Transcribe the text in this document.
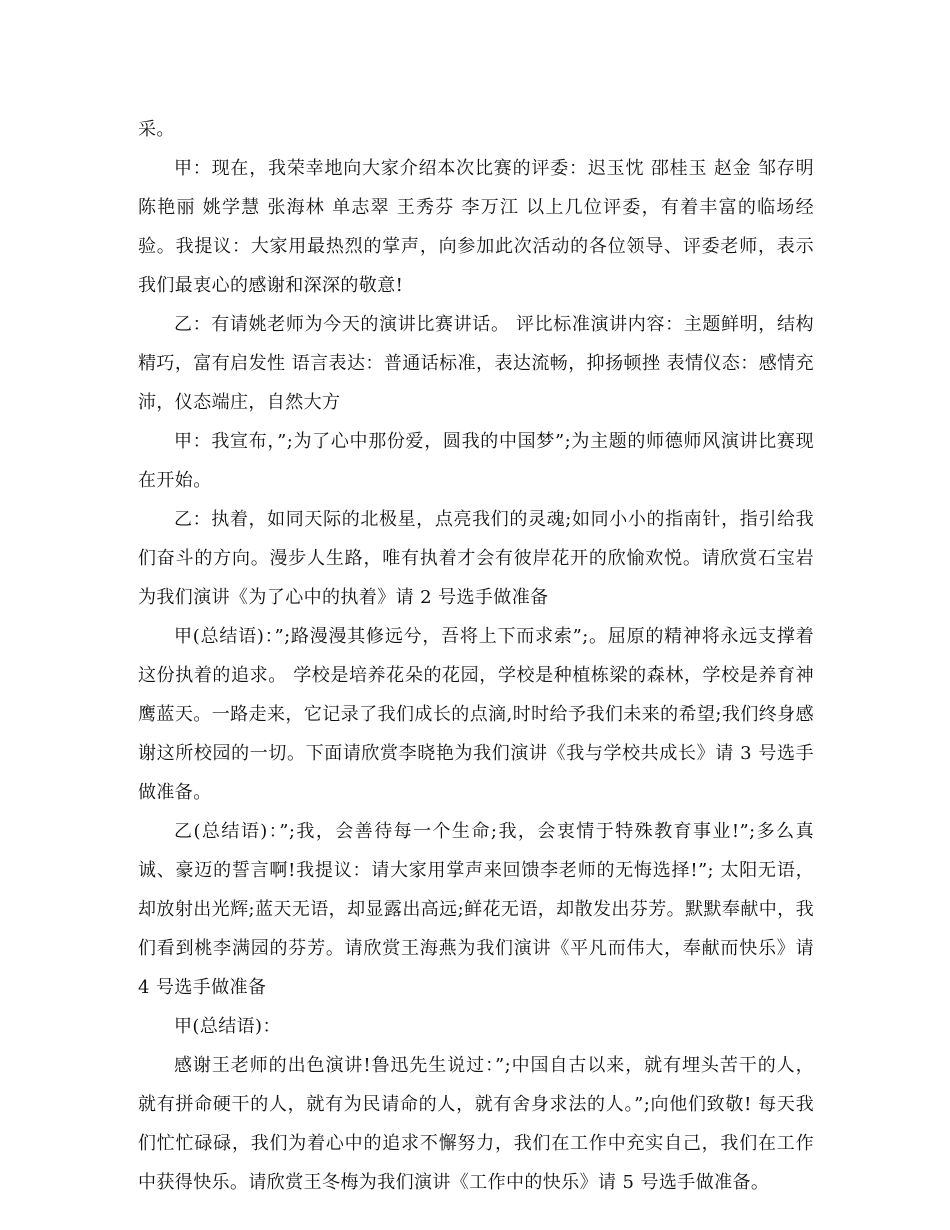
采。

甲：现在，我荣幸地向大家介绍本次比赛的评委：迟玉忱 邵桂玉 赵金 邹存明 陈艳丽 姚学慧 张海林 单志翠 王秀芬 李万江 以上几位评委，有着丰富的临场经验。我提议：大家用最热烈的掌声，向参加此次活动的各位领导、评委老师，表示我们最衷心的感谢和深深的敬意!

乙：有请姚老师为今天的演讲比赛讲话。 评比标准演讲内容：主题鲜明，结构精巧，富有启发性 语言表达：普通话标准，表达流畅，抑扬顿挫 表情仪态：感情充沛，仪态端庄，自然大方

甲：我宣布，”;为了心中那份爱，圆我的中国梦”;为主题的师德师风演讲比赛现在开始。

乙：执着，如同天际的北极星，点亮我们的灵魂;如同小小的指南针，指引给我们奋斗的方向。漫步人生路，唯有执着才会有彼岸花开的欣愉欢悦。请欣赏石宝岩为我们演讲《为了心中的执着》请 2 号选手做准备

甲(总结语)：”;路漫漫其修远兮，吾将上下而求索”;。屈原的精神将永远支撑着这份执着的追求。 学校是培养花朵的花园，学校是种植栋梁的森林，学校是养育神鹰蓝天。一路走来，它记录了我们成长的点滴,时时给予我们未来的希望;我们终身感谢这所校园的一切。下面请欣赏李晓艳为我们演讲《我与学校共成长》请 3 号选手做准备。

乙(总结语)：”;我，会善待每一个生命;我，会衷情于特殊教育事业!”;多么真诚、豪迈的誓言啊!我提议：请大家用掌声来回馈李老师的无悔选择!”; 太阳无语，却放射出光辉;蓝天无语，却显露出高远;鲜花无语，却散发出芬芳。默默奉献中，我们看到桃李满园的芬芳。请欣赏王海燕为我们演讲《平凡而伟大，奉献而快乐》请 4 号选手做准备

甲(总结语)：

感谢王老师的出色演讲!鲁迅先生说过：”;中国自古以来，就有埋头苦干的人，就有拼命硬干的人，就有为民请命的人，就有舍身求法的人。”;向他们致敬! 每天我们忙忙碌碌，我们为着心中的追求不懈努力，我们在工作中充实自己，我们在工作中获得快乐。请欣赏王冬梅为我们演讲《工作中的快乐》请 5 号选手做准备。
